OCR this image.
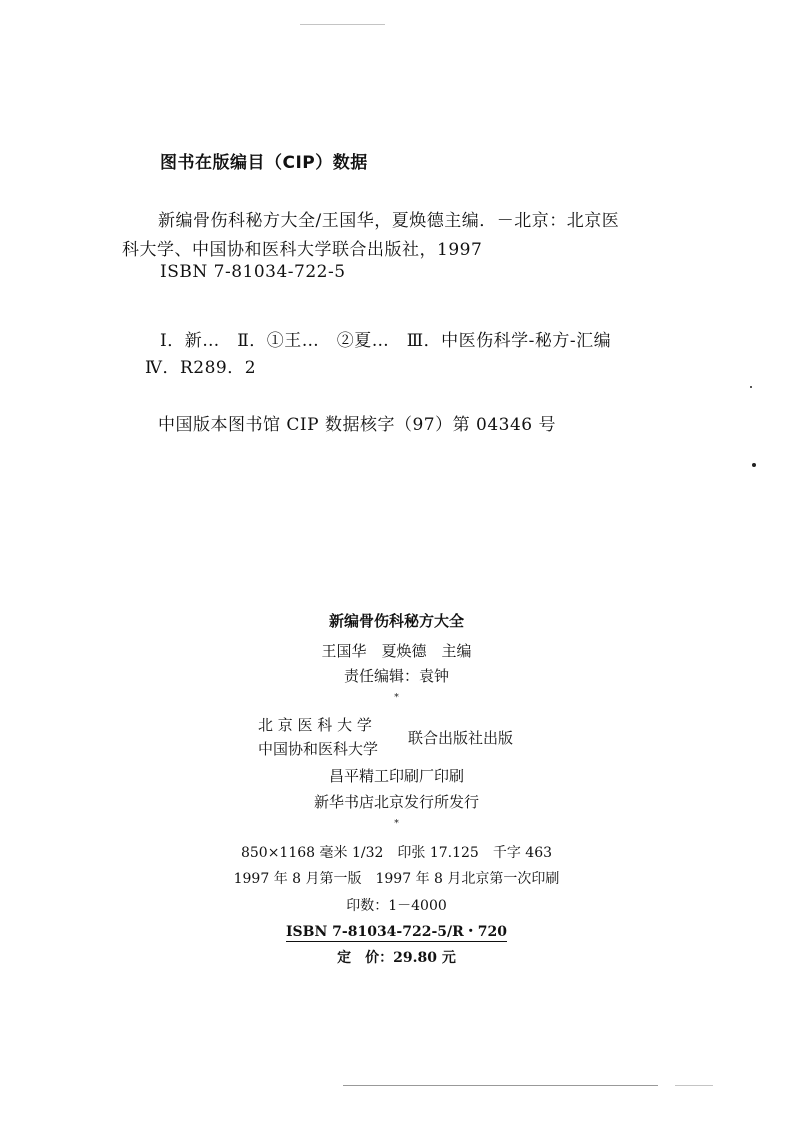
图书在版编目（CIP）数据
新编骨伤科秘方大全/王国华，夏焕德主编．－北京：北京医
科大学、中国协和医科大学联合出版社，1997
ISBN 7-81034-722-5
Ⅰ．新…　Ⅱ．①王…　②夏…　Ⅲ．中医伤科学-秘方-汇编
Ⅳ．R289．2
中国版本图书馆 CIP 数据核字（97）第 04346 号
新编骨伤科秘方大全
王国华　夏焕德　主编
责任编辑：袁钟
*
北 京 医 科 大 学
中国协和医科大学
联合出版社出版
昌平精工印刷厂印刷
新华书店北京发行所发行
*
850×1168 毫米 1/32　印张 17.125　千字 463
1997 年 8 月第一版　1997 年 8 月北京第一次印刷
印数：1－4000
ISBN 7-81034-722-5/R・720
定　价：29.80 元
